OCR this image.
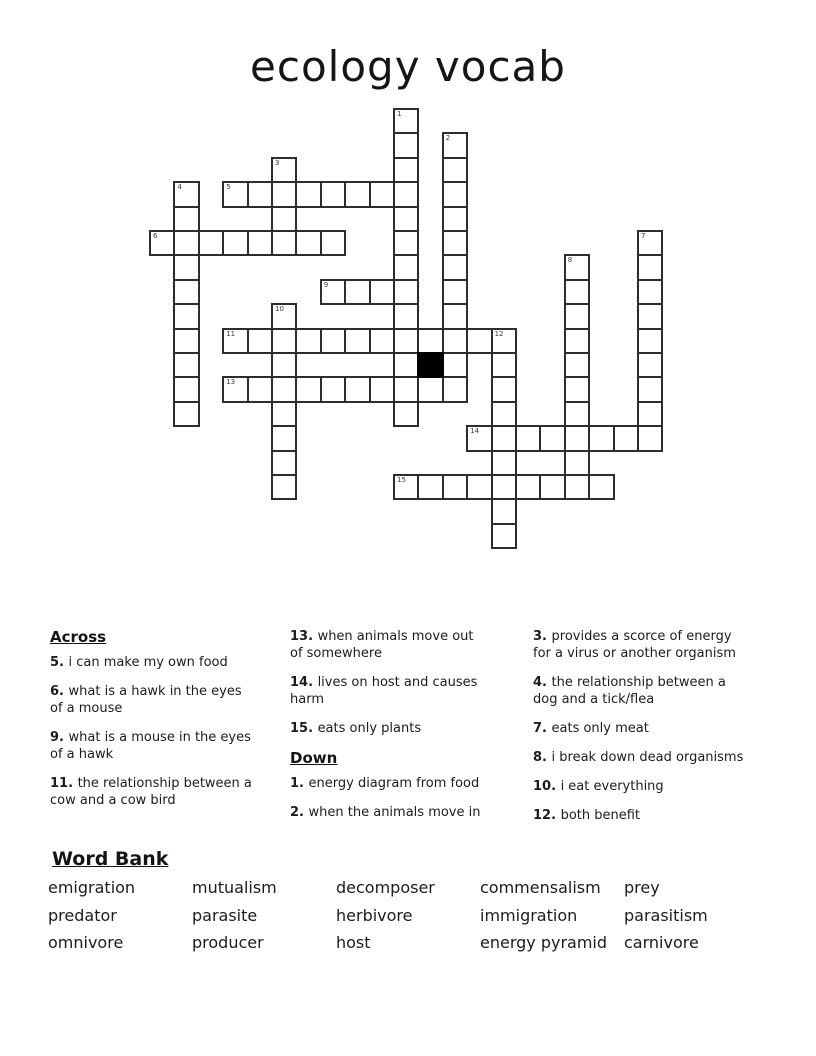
ecology vocab
1
2
3
4	5
6	7
8
9
10
11	12
13
14
15
Across
5. i can make my own food
6. what is a hawk in the eyes of a mouse
9. what is a mouse in the eyes of a hawk
11. the relationship between a cow and a cow bird
13. when animals move out of somewhere
14. lives on host and causes harm
15. eats only plants
Down
1. energy diagram from food
2. when the animals move in
3. provides a scorce of energy for a virus or another organism
4. the relationship between a dog and a tick/flea
7. eats only meat
8. i break down dead organisms
10. i eat everything
12. both benefit
Word Bank
emigration	mutualism	decomposer	commensalism	prey
predator	parasite	herbivore	immigration	parasitism
omnivore	producer	host	energy pyramid	carnivore
